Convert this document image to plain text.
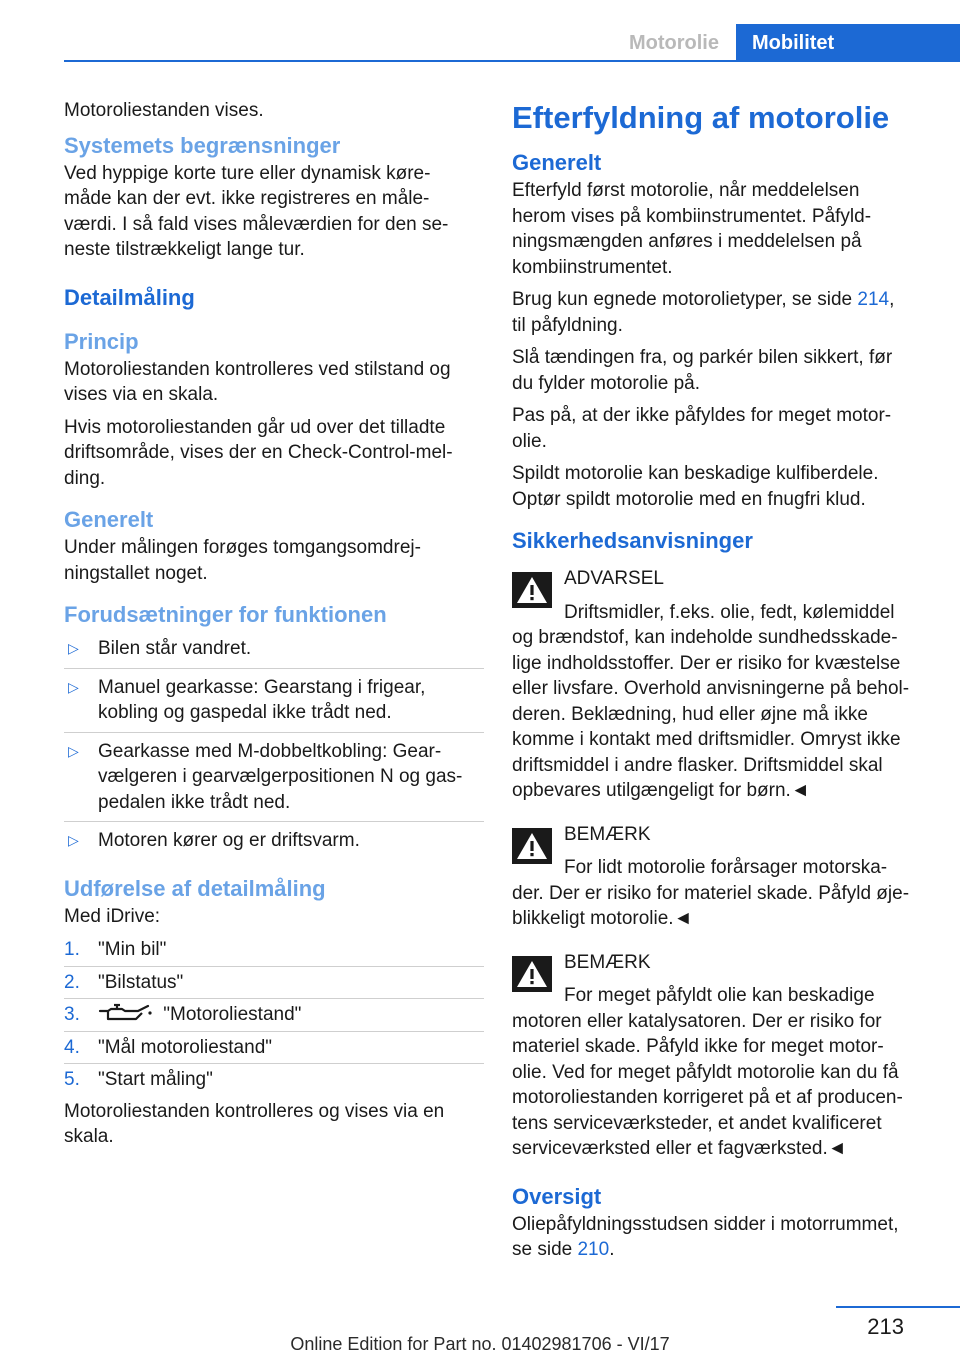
Motorolie	Mobilitet

Motoroliestanden vises.

Systemets begrænsninger

Ved hyppige korte ture eller dynamisk køre-
måde kan der evt. ikke registreres en måle-
værdi. I så fald vises måleværdien for den se-
neste tilstrækkeligt lange tur.

Detailmåling
Princip

Motoroliestanden kontrolleres ved stilstand og
vises via en skala.

Hvis motoroliestanden går ud over det tilladte
driftsområde, vises der en Check-Control-mel-
ding.

Generelt

Under målingen forøges tomgangsomdrej-
ningstallet noget.

Forudsætninger for funktionen
▷ Bilen står vandret.
▷ Manuel gearkasse: Gearstang i frigear,
kobling og gaspedal ikke trådt ned.
▷ Gearkasse med M-dobbeltkobling: Gear-
vælgeren i gearvælgerpositionen N og gas-
pedalen ikke trådt ned.
▷ Motoren kører og er driftsvarm.
Udførelse af detailmåling

Med iDrive:

1. "Min bil"
2. "Bilstatus"
3.	"Motoroliestand"
4. "Mål motoroliestand"
5. "Start måling"

Motoroliestanden kontrolleres og vises via en
skala.

Efterfyldning af motorolie
Generelt

Efterfyld først motorolie, når meddelelsen
herom vises på kombiinstrumentet. Påfyld-
ningsmængden anføres i meddelelsen på
kombiinstrumentet.

Brug kun egnede motorolietyper, se side 214,
til påfyldning.

Slå tændingen fra, og parkér bilen sikkert, før
du fylder motorolie på.

Pas på, at der ikke påfyldes for meget motor-
olie.

Spildt motorolie kan beskadige kulfiberdele.
Optør spildt motorolie med en fnugfri klud.

Sikkerhedsanvisninger

ADVARSEL

Driftsmidler, f.eks. olie, fedt, kølemiddel

og brændstof, kan indeholde sundhedsskade-
lige indholdsstoffer. Der er risiko for kvæstelse
eller livsfare. Overhold anvisningerne på behol-
deren. Beklædning, hud eller øjne må ikke
komme i kontakt med driftsmidler. Omryst ikke
driftsmiddel i andre flasker. Driftsmiddel skal
opbevares utilgængeligt for børn.◄

BEMÆRK

For lidt motorolie forårsager motorska-

der. Der er risiko for materiel skade. Påfyld øje-
blikkeligt motorolie.◄

BEMÆRK

For meget påfyldt olie kan beskadige

motoren eller katalysatoren. Der er risiko for
materiel skade. Påfyld ikke for meget motor-
olie. Ved for meget påfyldt motorolie kan du få
motoroliestanden korrigeret på et af producen-
tens serviceværksteder, et andet kvalificeret
serviceværksted eller et fagværksted.◄

Oversigt

Oliepåfyldningsstudsen sidder i motorrummet,
se side 210.

213
Online Edition for Part no. 01402981706 - VI/17
